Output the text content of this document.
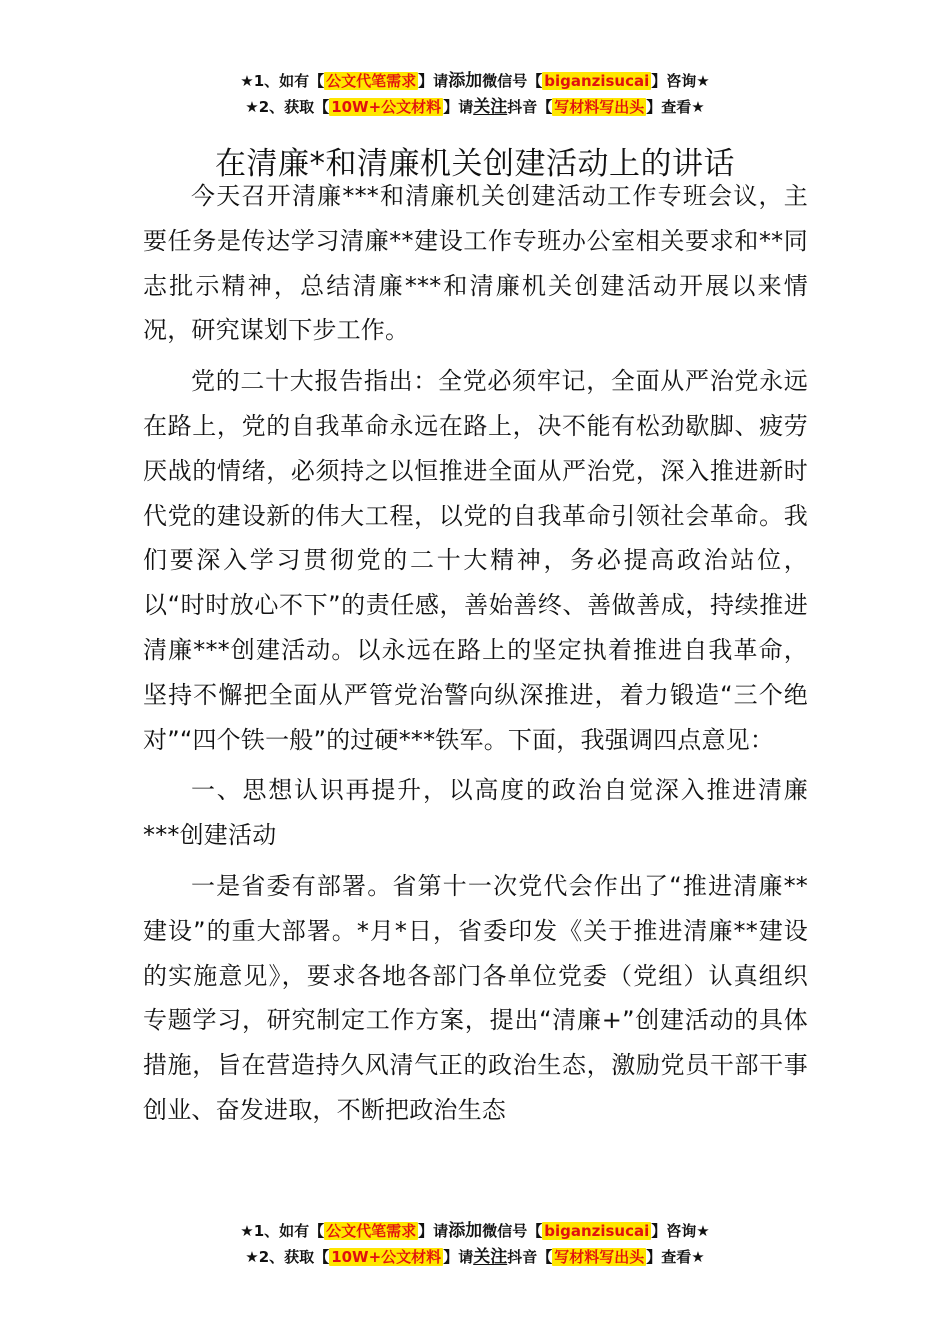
★1、如有【 公文代笔需求 】请添加微信号【 biganzisucai 】咨询★
★2、获取【 10W+公文材料 】请关注抖音【 写材料写出头 】查看★
在清廉*和清廉机关创建活动上的讲话

今天召开清廉***和清廉机关创建活动工作专班会议，主要任务是传达学习清廉**建设工作专班办公室相关要求和**同志批示精神，总结清廉***和清廉机关创建活动开展以来情况，研究谋划下步工作。

党的二十大报告指出：全党必须牢记，全面从严治党永远在路上，党的自我革命永远在路上，决不能有松劲歇脚、疲劳厌战的情绪，必须持之以恒推进全面从严治党，深入推进新时代党的建设新的伟大工程，以党的自我革命引领社会革命。我们要深入学习贯彻党的二十大精神，务必提高政治站位，以“时时放心不下”的责任感，善始善终、善做善成，持续推进清廉***创建活动。以永远在路上的坚定执着推进自我革命，坚持不懈把全面从严管党治警向纵深推进，着力锻造“三个绝对”“四个铁一般”的过硬***铁军。下面，我强调四点意见：

一、思想认识再提升，以高度的政治自觉深入推进清廉***创建活动

一是省委有部署。省第十一次党代会作出了“推进清廉**建设”的重大部署。*月*日，省委印发《关于推进清廉**建设的实施意见》，要求各地各部门各单位党委（党组）认真组织专题学习，研究制定工作方案，提出“清廉+”创建活动的具体措施，旨在营造持久风清气正的政治生态，激励党员干部干事创业、奋发进取，不断把政治生态

★1、如有【 公文代笔需求 】请添加微信号【 biganzisucai 】咨询★
★2、获取【 10W+公文材料 】请关注抖音【 写材料写出头 】查看★
